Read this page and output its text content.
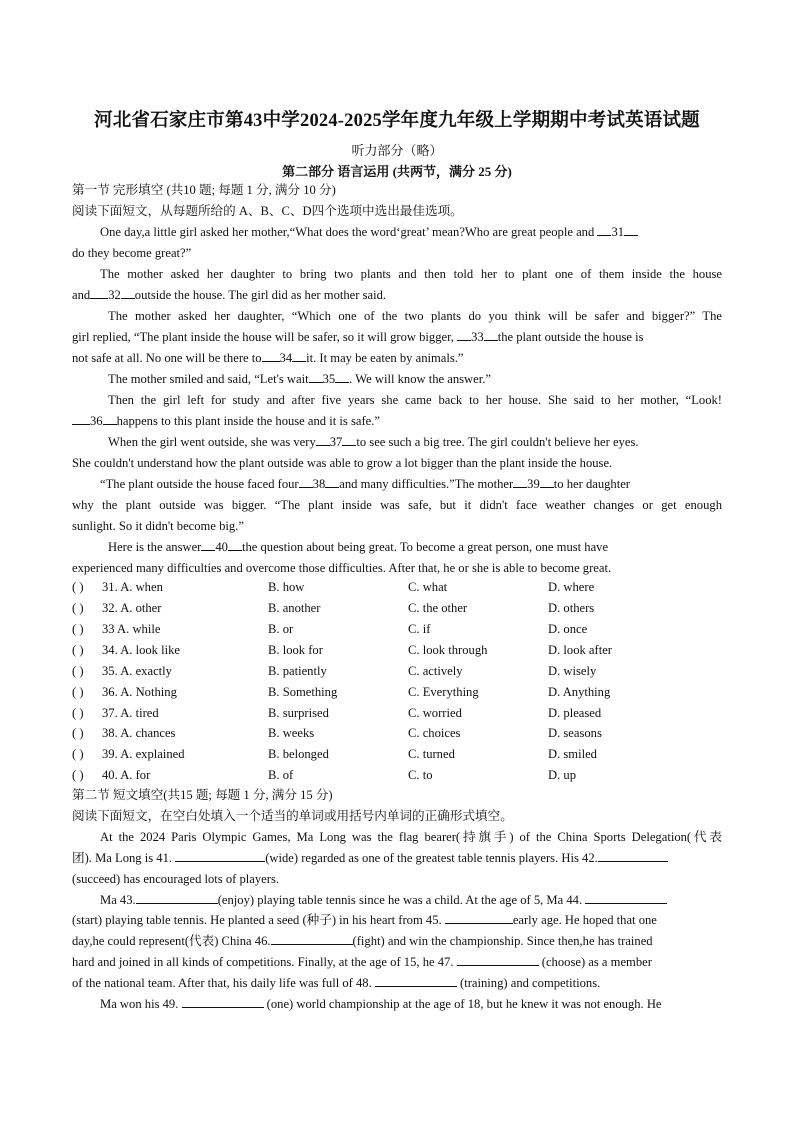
河北省石家庄市第43中学2024-2025学年度九年级上学期期中考试英语试题
听力部分（略）
第二部分 语言运用 (共两节，满分 25 分)
第一节 完形填空 (共10 题; 每题 1 分, 满分 10 分)
阅读下面短文，从每题所给的 A、B、C、D四个选项中选出最佳选项。
One day,a little girl asked her mother,“What does the word‘great’ mean?Who are great people and 31
do they become great?”
The mother asked her daughter to bring two plants and then told her to plant one of them inside the house
and 32 outside the house. The girl did as her mother said.
The mother asked her daughter, “Which one of the two plants do you think will be safer and bigger?” The
girl replied, “The plant inside the house will be safer, so it will grow bigger, 33 the plant outside the house is
not safe at all. No one will be there to 34 it. It may be eaten by animals.”
The mother smiled and said, “Let's wait 35 . We will know the answer.”
Then the girl left for study and after five years she came back to her house. She said to her mother, “Look!
36 happens to this plant inside the house and it is safe.”
When the girl went outside, she was very 37 to see such a big tree. The girl couldn't believe her eyes.
She couldn't understand how the plant outside was able to grow a lot bigger than the plant inside the house.
“The plant outside the house faced four 38 and many difficulties.”The mother 39 to her daughter
why the plant outside was bigger. “The plant inside was safe, but it didn't face weather changes or get enough
sunlight. So it didn't become big.”
Here is the answer 40 the question about being great. To become a great person, one must have
experienced many difficulties and overcome those difficulties. After that, he or she is able to become great.
( ) 31. A. when	B. how	C. what	D. where
( ) 32. A. other	B. another	C. the other	D. others
( ) 33 A. while	B. or	C. if	D. once
( ) 34. A. look like	B. look for	C. look through	D. look after
( ) 35. A. exactly	B. patiently	C. actively	D. wisely
( ) 36. A. Nothing	B. Something	C. Everything	D. Anything
( ) 37. A. tired	B. surprised	C. worried	D. pleased
( ) 38. A. chances	B. weeks	C. choices	D. seasons
( ) 39. A. explained	B. belonged	C. turned	D. smiled
( ) 40. A. for	B. of	C. to	D. up
第二节 短文填空(共15 题; 每题 1 分, 满分 15 分)
阅读下面短文，在空白处填入一个适当的单词或用括号内单词的正确形式填空。
At the 2024 Paris Olympic Games, Ma Long was the flag bearer(持旗手) of the China Sports Delegation(代表
团). Ma Long is 41.	(wide) regarded as one of the greatest table tennis players. His 42.
(succeed) has encouraged lots of players.
Ma 43.	(enjoy) playing table tennis since he was a child. At the age of 5, Ma 44.
(start) playing table tennis. He planted a seed (种子) in his heart from 45.	early age. He hoped that one
day,he could represent(代表) China 46.	(fight) and win the championship. Since then,he has trained
hard and joined in all kinds of competitions. Finally, at the age of 15, he 47.	(choose) as a member
of the national team. After that, his daily life was full of 48.	(training) and competitions.
Ma won his 49.	(one) world championship at the age of 18, but he knew it was not enough. He
